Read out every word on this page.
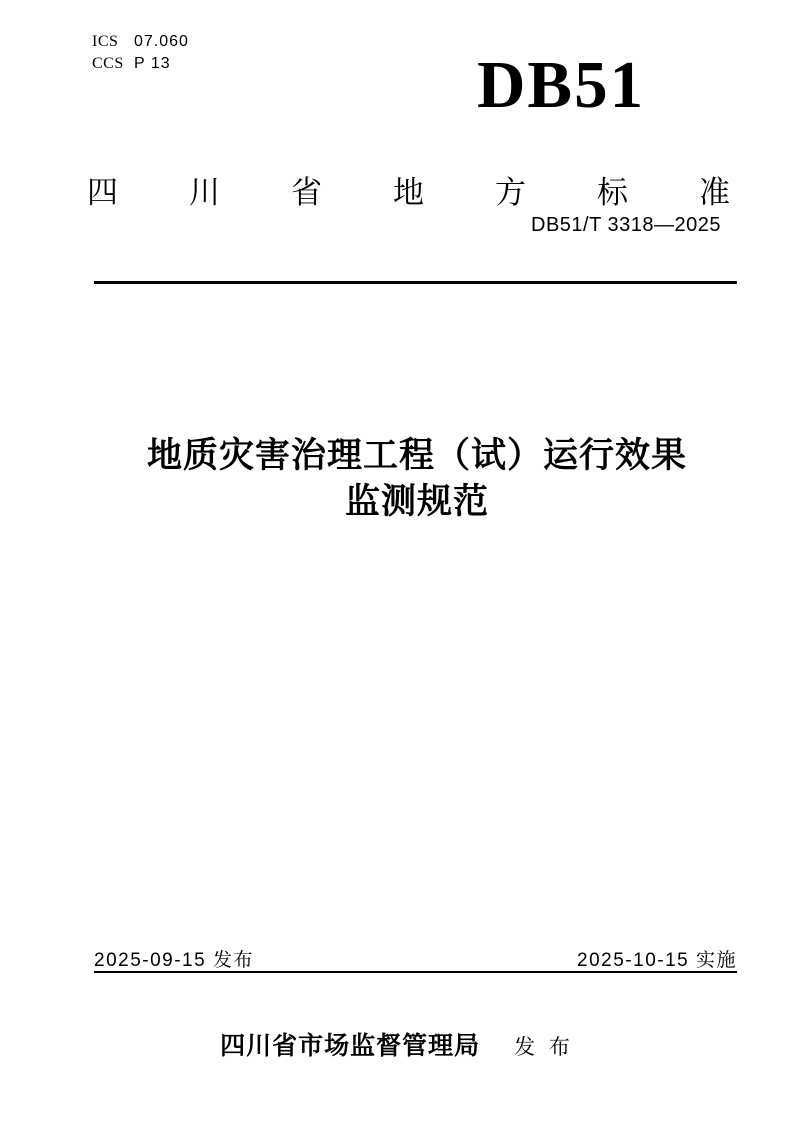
ICS 07.060
CCS P 13	DB51
四 川 省 地 方 标 准
DB51/T 3318—2025
地质灾害治理工程（试）运行效果
监测规范
2025-09-15 发布	2025-10-15 实施
四川省市场监督管理局 发 布
